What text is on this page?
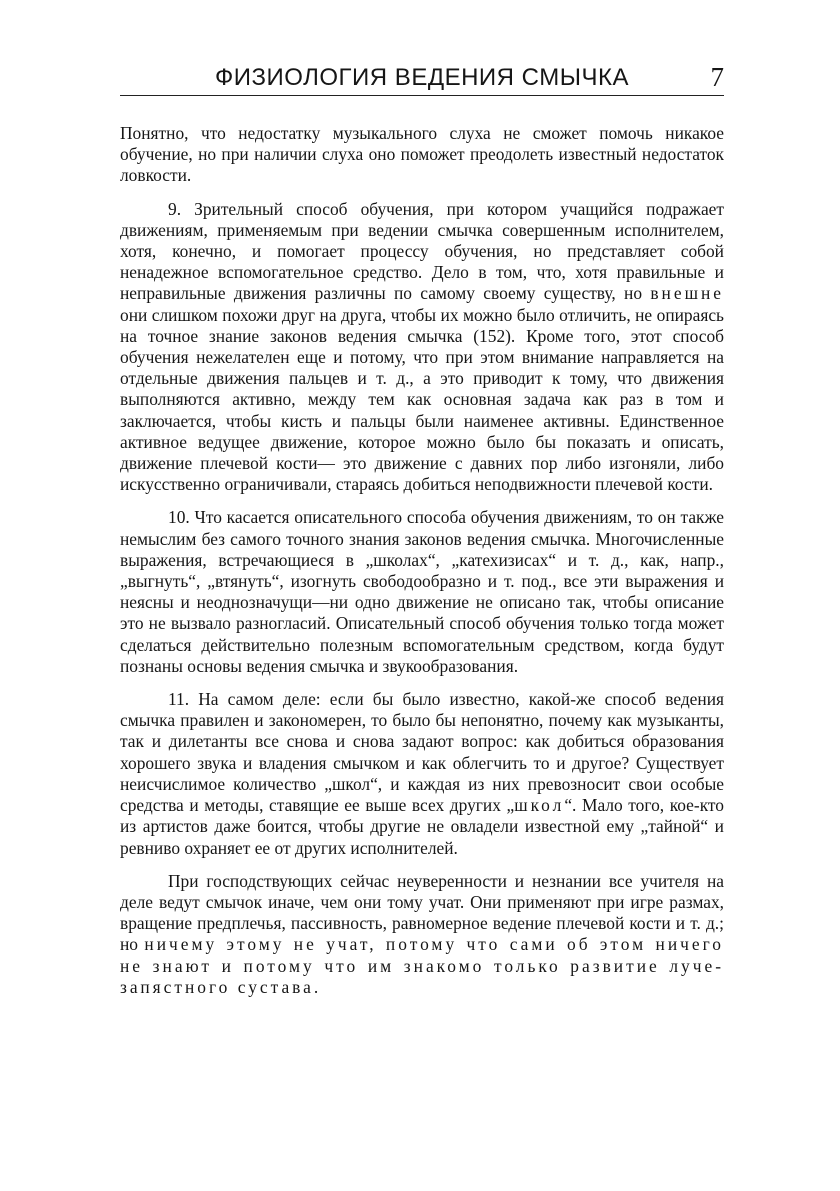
ФИЗИОЛОГИЯ ВЕДЕНИЯ СМЫЧКА	7

Понятно, что недостатку музыкального слуха не сможет помочь никакое обучение, но при наличии слуха оно поможет преодолеть известный недостаток ловкости.

9. Зрительный способ обучения, при котором учащийся подражает движениям, применяемым при ведении смычка совершенным исполнителем, хотя, конечно, и помогает процессу обучения, но представляет собой ненадежное вспомогательное средство. Дело в том, что, хотя правильные и неправильные движения различны по самому своему существу, но внешне они слишком похожи друг на друга, чтобы их можно было отличить, не опираясь на точное знание законов ведения смычка (152). Кроме того, этот способ обучения нежелателен еще и потому, что при этом внимание направляется на отдельные движения пальцев и т. д., а это приводит к тому, что движения выполняются активно, между тем как основная задача как раз в том и заключается, чтобы кисть и пальцы были наименее активны. Единственное активное ведущее движение, которое можно было бы показать и описать, движение плечевой кости— это движение с давних пор либо изгоняли, либо искусственно ограничивали, стараясь добиться неподвижности плечевой кости.

10. Что касается описательного способа обучения движениям, то он также немыслим без самого точного знания законов ведения смычка. Многочисленные выражения, встречающиеся в „школах“, „катехизисах“ и т. д., как, напр., „выгнуть“, „втянуть“, изогнуть свободообразно и т. под., все эти выражения и неясны и неоднозначущи—ни одно движение не описано так, чтобы описание это не вызвало разногласий. Описательный способ обучения только тогда может сделаться действительно полезным вспомогательным средством, когда будут познаны основы ведения смычка и звукообразования.

11. На самом деле: если бы было известно, какой-же способ ведения смычка правилен и закономерен, то было бы непонятно, почему как музыканты, так и дилетанты все снова и снова задают вопрос: как добиться образования хорошего звука и владения смычком и как облегчить то и другое? Существует неисчислимое количество „школ“, и каждая из них превозносит свои особые средства и методы, ставящие ее выше всех других „школ“. Мало того, кое-кто из артистов даже боится, чтобы другие не овладели известной ему „тайной“ и ревниво охраняет ее от других исполнителей.

При господствующих сейчас неуверенности и незнании все учителя на деле ведут смычок иначе, чем они тому учат. Они применяют при игре размах, вращение предплечья, пассивность, равномерное ведение плечевой кости и т. д.; но ничему этому не учат, потому что сами об этом ничего не знают и потому что им знакомо только развитие луче-запястного сустава.
